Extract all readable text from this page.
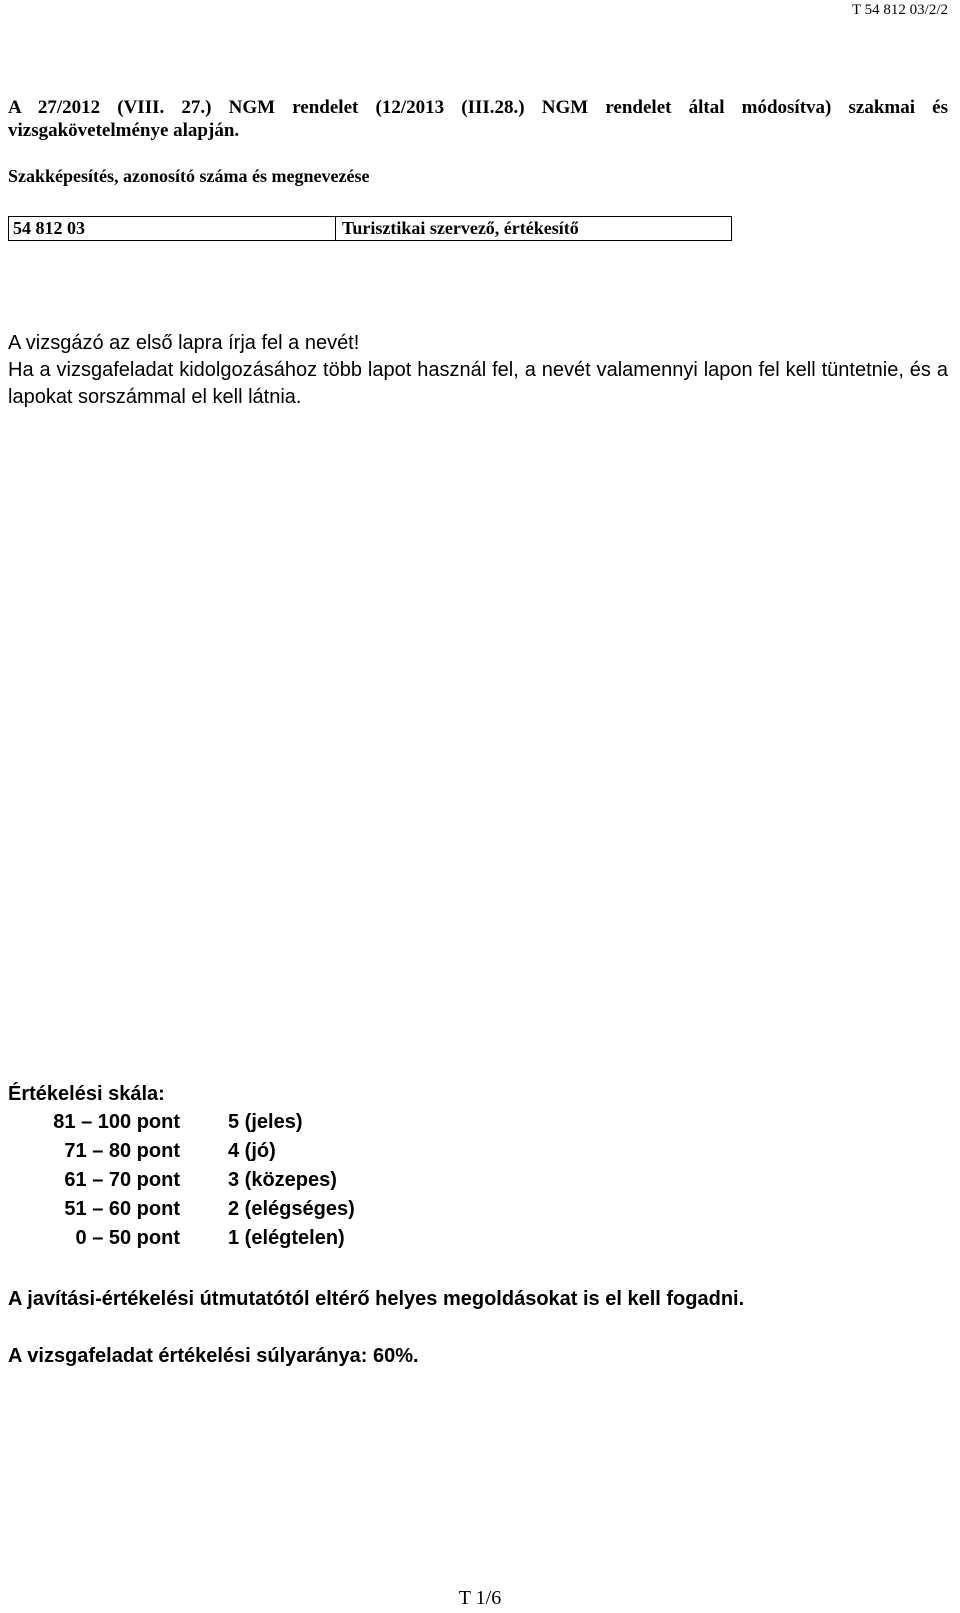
T 54 812 03/2/2
A 27/2012 (VIII. 27.) NGM rendelet (12/2013 (III.28.) NGM rendelet által módosítva) szakmai és vizsgakövetelménye alapján.
Szakképesítés, azonosító száma és megnevezése
54 812 03	Turisztikai szervező, értékesítő

A vizsgázó az első lapra írja fel a nevét!

Ha a vizsgafeladat kidolgozásához több lapot használ fel, a nevét valamennyi lapon fel kell tüntetnie, és a lapokat sorszámmal el kell látnia.

Értékelési skála:
81 – 100 pont 5 (jeles)
71 – 80 pont 4 (jó)
61 – 70 pont 3 (közepes)
51 – 60 pont 2 (elégséges)
0 – 50 pont 1 (elégtelen)
A javítási-értékelési útmutatótól eltérő helyes megoldásokat is el kell fogadni.
A vizsgafeladat értékelési súlyaránya: 60%.
T 1/6
